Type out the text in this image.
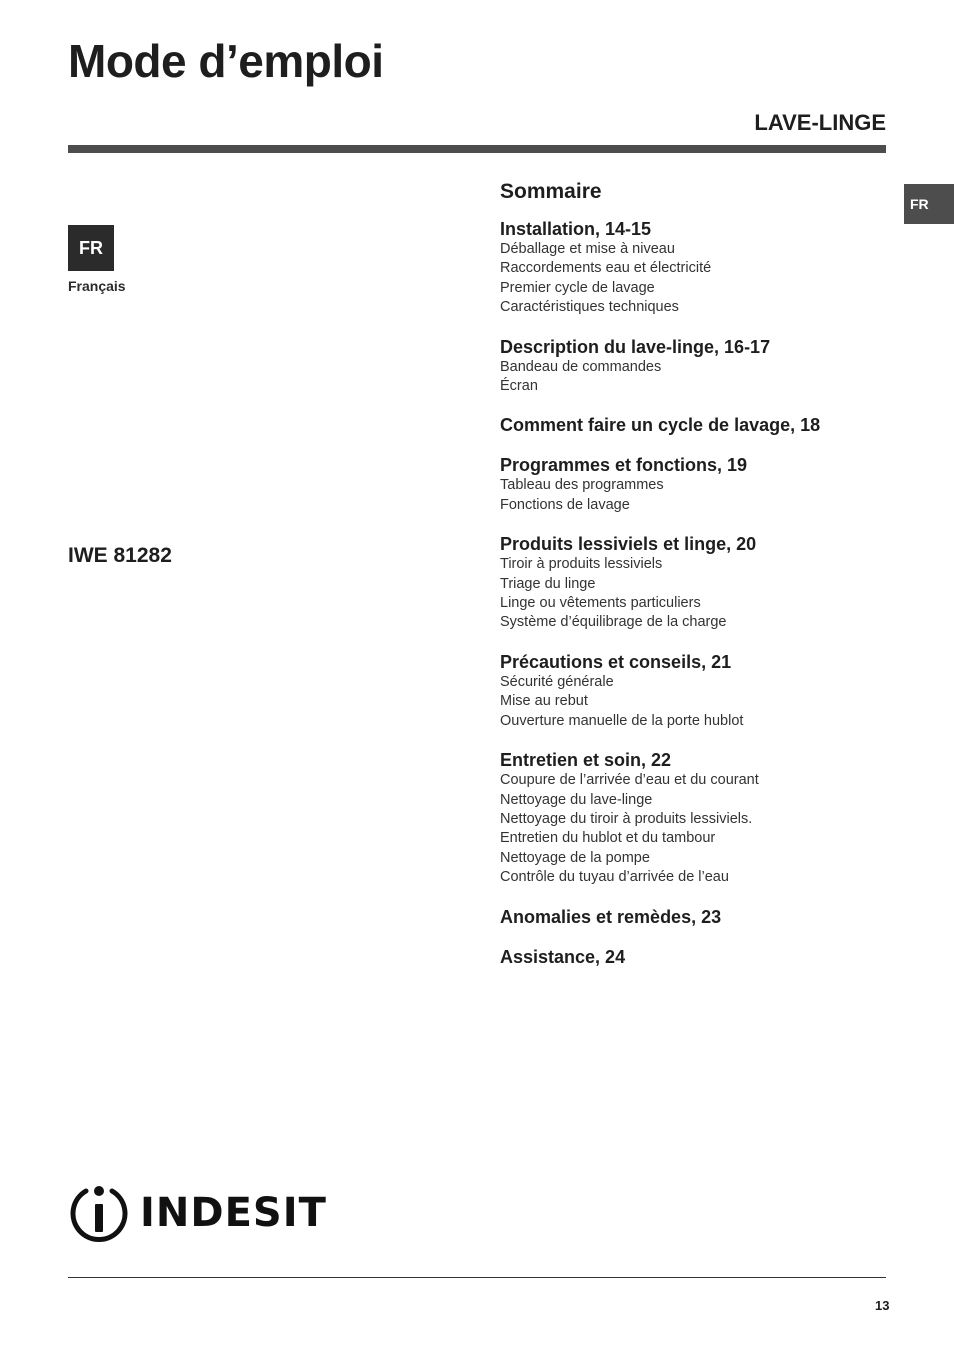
Mode d’emploi
LAVE-LINGE
FR
FR
Français
IWE 81282
Sommaire
Installation, 14-15
Déballage et mise à niveau
Raccordements eau et électricité
Premier cycle de lavage
Caractéristiques techniques
Description du lave-linge, 16-17
Bandeau de commandes
Écran
Comment faire un cycle de lavage, 18
Programmes et fonctions, 19
Tableau des programmes
Fonctions de lavage
Produits lessiviels et linge, 20
Tiroir à produits lessiviels
Triage du linge
Linge ou vêtements particuliers
Système d’équilibrage de la charge
Précautions et conseils, 21
Sécurité générale
Mise au rebut
Ouverture manuelle de la porte hublot
Entretien et soin, 22
Coupure de l’arrivée d’eau et du courant
Nettoyage du lave-linge
Nettoyage du tiroir à produits lessiviels.
Entretien du hublot et du tambour
Nettoyage de la pompe
Contrôle du tuyau d’arrivée de l’eau
Anomalies et remèdes, 23
Assistance, 24
INDESIT
13
